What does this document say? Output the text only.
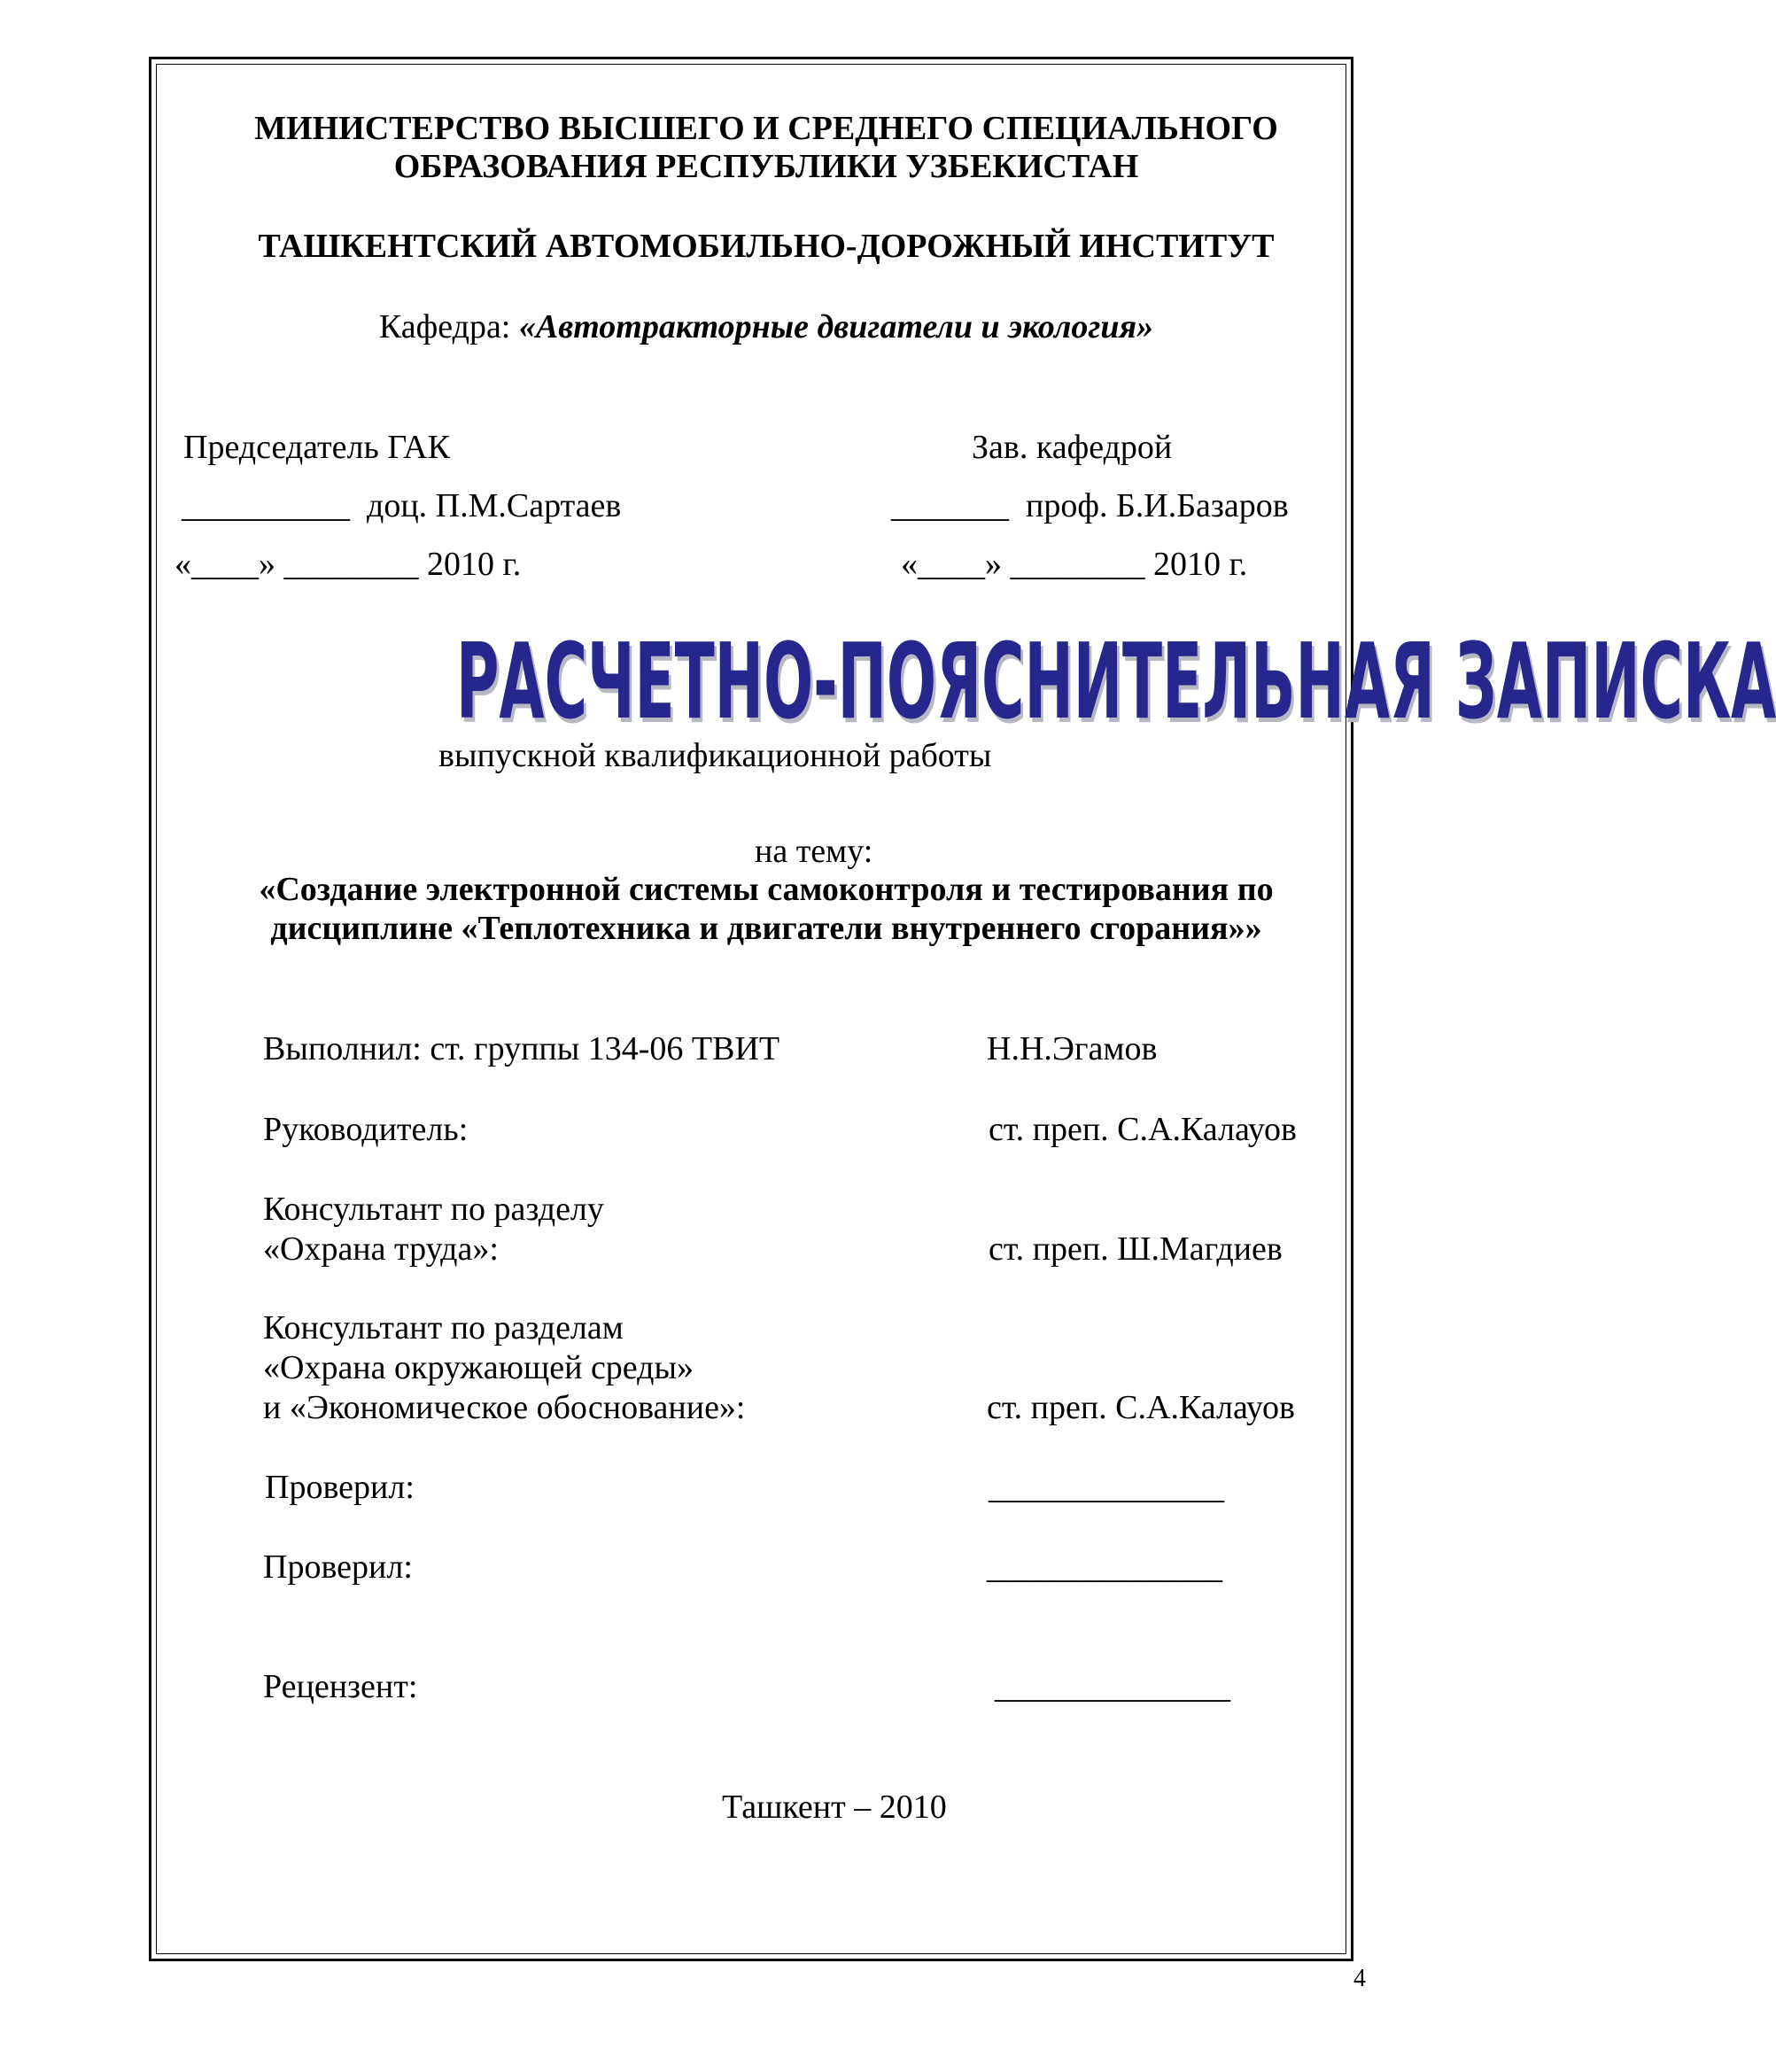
МИНИСТЕРСТВО ВЫСШЕГО И СРЕДНЕГО СПЕЦИАЛЬНОГО
ОБРАЗОВАНИЯ РЕСПУБЛИКИ УЗБЕКИСТАН
ТАШКЕНТСКИЙ АВТОМОБИЛЬНО-ДОРОЖНЫЙ ИНСТИТУТ
Кафедра: «Автотракторные двигатели и экология»
Председатель ГАК	Зав. кафедрой
__________ доц. П.М.Сартаев	_______ проф. Б.И.Базаров
«____» ________ 2010 г.	«____» ________ 2010 г.
РАСЧЕТНО-ПОЯСНИТЕЛЬНАЯ ЗАПИСКА
выпускной квалификационной работы
на тему:
«Создание электронной системы самоконтроля и тестирования по
дисциплине «Теплотехника и двигатели внутреннего сгорания»»
Выполнил: ст. группы 134-06 ТВИТ	Н.Н.Эгамов
Руководитель:	ст. преп. С.А.Калауов
Консультант по разделу
«Охрана труда»:	ст. преп. Ш.Магдиев
Консультант по разделам
«Охрана окружающей среды»
и «Экономическое обоснование»:	ст. преп. С.А.Калауов
Проверил:	______________
Проверил:	______________
Рецензент:	______________
Ташкент – 2010
4
